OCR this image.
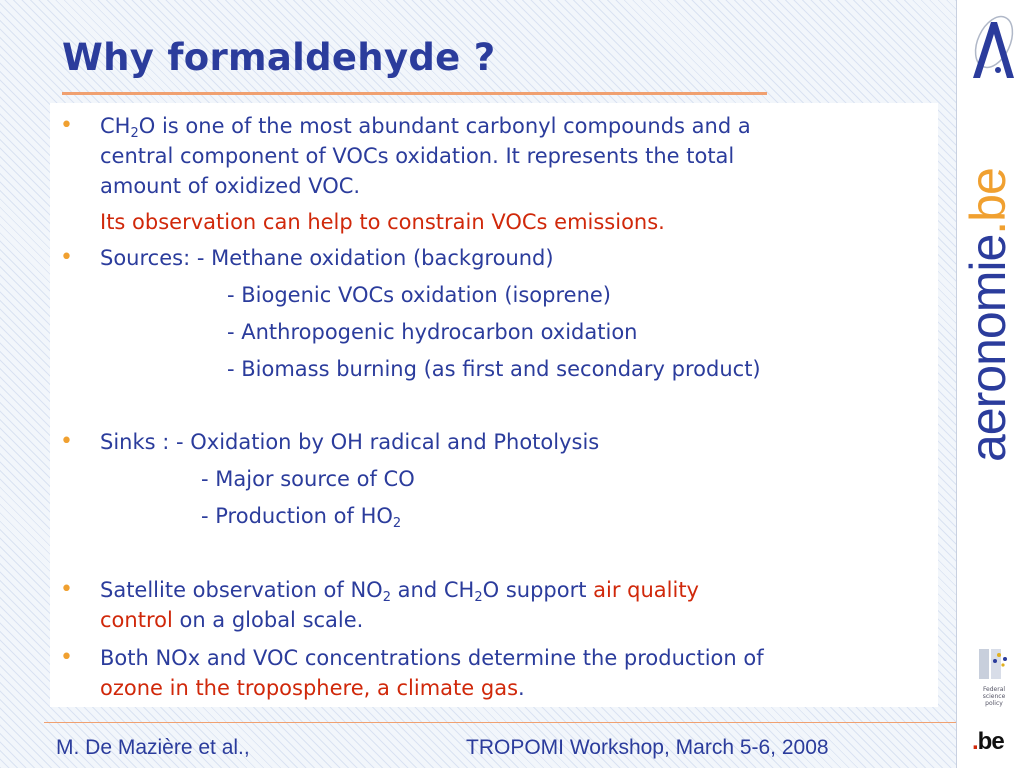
Why formaldehyde ?
• $CH_2O$ is one of the most abundant carbonyl compounds and a
central component of VOCs oxidation. It represents the total
amount of oxidized VOC.
Its observation can help to constrain VOCs emissions.
• Sources: - Methane oxidation (background)
- Biogenic VOCs oxidation (isoprene)
- Anthropogenic hydrocarbon oxidation
- Biomass burning (as first and secondary product)
• Sinks : - Oxidation by OH radical and Photolysis
- Major source of CO
- Production of $HO_2$
• Satellite observation of $NO_2$ and $CH_2O$ support air quality
control on a global scale.
• Both NOx and VOC concentrations determine the production of
ozone in the troposphere, a climate gas.
M. De Mazière et al.,	TROPOMI Workshop, March 5-6, 2008
aeronomie.be
Federal science policy
.be
